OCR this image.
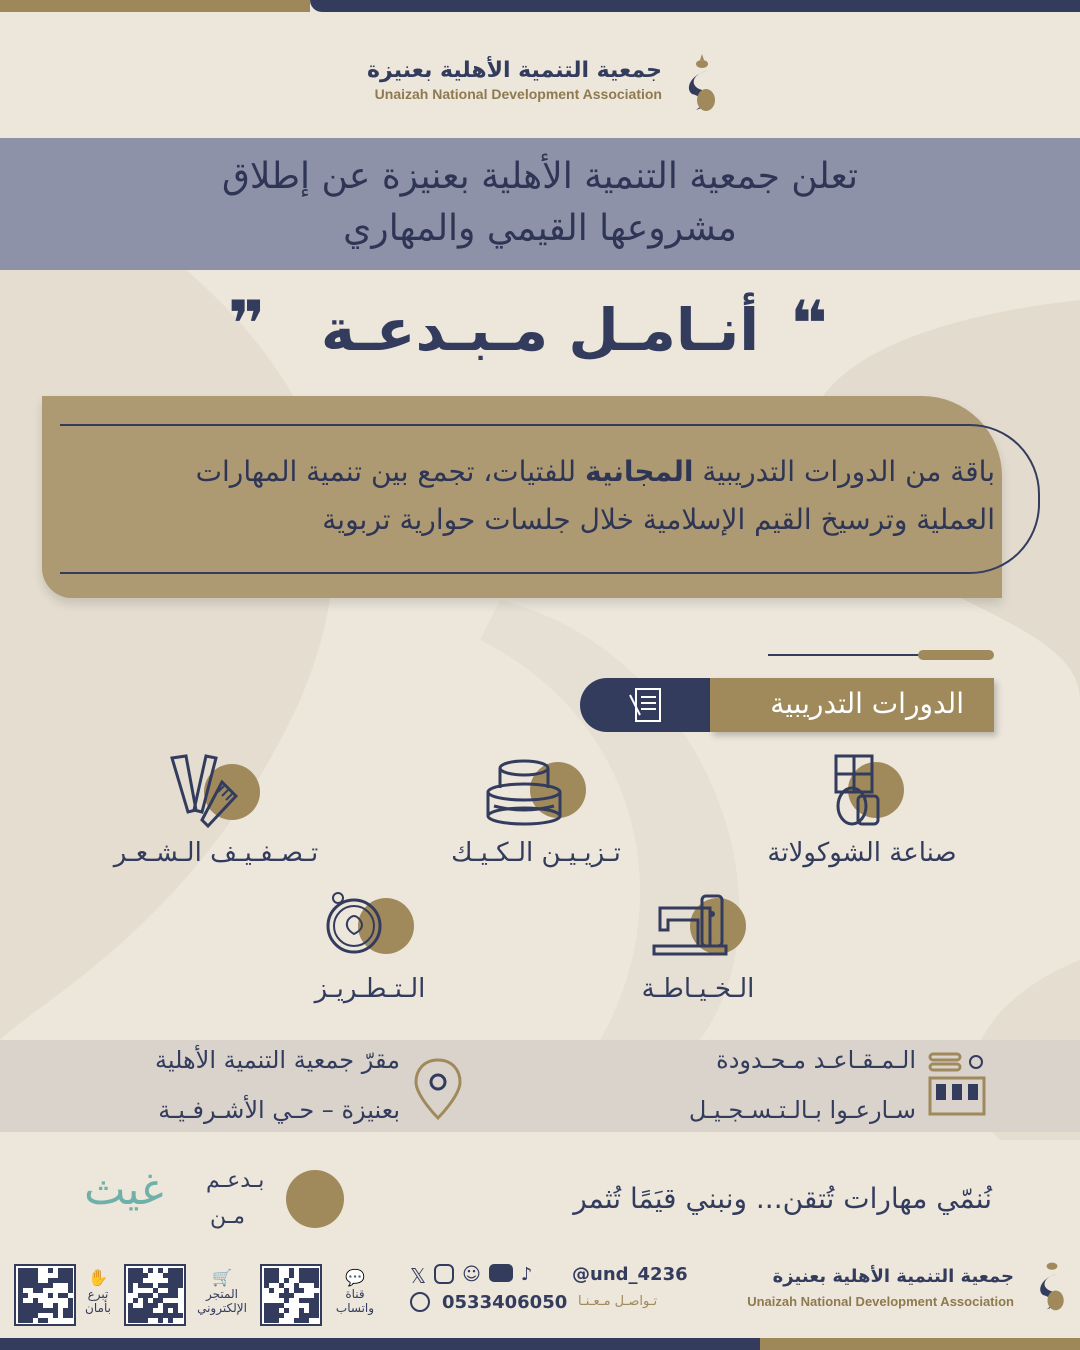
جمعية التنمية الأهلية بعنيزة
Unaizah National Development Association
تعلن جمعية التنمية الأهلية بعنيزة عن إطلاق
مشروعها القيمي والمهاري
❞ أنـامـل مـبـدعـة ❝
باقة من الدورات التدريبية المجانية للفتيات، تجمع بين تنمية المهارات
العملية وترسيخ القيم الإسلامية خلال جلسات حوارية تربوية
الدورات التدريبية
صناعة الشوكولاتة
تـزيـيـن الـكـيـك
تـصـفـيـف الـشـعـر
الـخـيـاطـة
الـتـطـريـز
الـمـقـاعـد مـحـدودة
سـارعـوا بـالـتـسـجـيـل
مقرّ جمعية التنمية الأهلية
بعنيزة – حـي الأشـرفـيـة
نُنمّي مهارات تُتقن... ونبني قيَمًا تُثمر
بـدعـم
مـن
غيث
جمعية التنمية الأهلية بعنيزة
Unaizah National Development Association
@und_4236
0533406050 تـواصـل مـعـنـا
𝕏 ☺ ♪
💬
قناة واتساب
🛒
المتجر الإلكتروني
✋
تبرع بأمان
